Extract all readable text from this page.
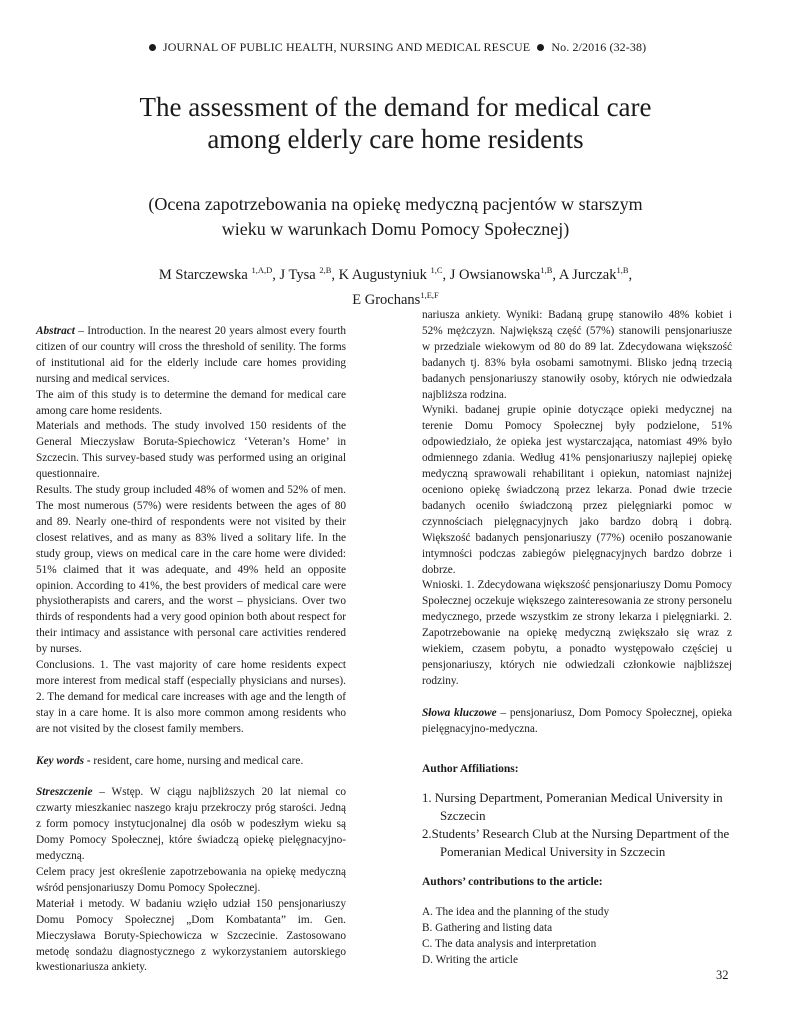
JOURNAL OF PUBLIC HEALTH, NURSING AND MEDICAL RESCUE No. 2/2016 (32-38)
The assessment of the demand for medical care
among elderly care home residents
(Ocena zapotrzebowania na opiekę medyczną pacjentów w starszym
wieku w warunkach Domu Pomocy Społecznej)
M Starczewska $^{1,A,D}$, J Tysa $^{2,B}$, K Augustyniuk $^{1,C}$, J Owsianowska$^{1,B}$, A Jurczak$^{1,B}$,
E Grochans$^{1,E,F}$

Abstract – Introduction. In the nearest 20 years almost every fourth citizen of our country will cross the threshold of senility. The forms of institutional aid for the elderly include care homes providing nursing and medical services.

The aim of this study is to determine the demand for medical care among care home residents.

Materials and methods. The study involved 150 residents of the General Mieczysław Boruta-Spiechowicz ‘Veteran’s Home’ in Szczecin. This survey-based study was performed using an original questionnaire.

Results. The study group included 48% of women and 52% of men. The most numerous (57%) were residents between the ages of 80 and 89. Nearly one-third of respondents were not visited by their closest relatives, and as many as 83% lived a solitary life. In the study group, views on medical care in the care home were divided: 51% claimed that it was adequate, and 49% held an opposite opinion. According to 41%, the best providers of medical care were physiotherapists and carers, and the worst – physicians. Over two thirds of respondents had a very good opinion both about respect for their intimacy and assistance with personal care activities rendered by nurses.

Conclusions. 1. The vast majority of care home residents expect more interest from medical staff (especially physicians and nurses). 2. The demand for medical care increases with age and the length of stay in a care home. It is also more common among residents who are not visited by the closest family members.

Key words - resident, care home, nursing and medical care.

Streszczenie – Wstęp. W ciągu najbliższych 20 lat niemal co czwarty mieszkaniec naszego kraju przekroczy próg starości. Jedną z form pomocy instytucjonalnej dla osób w podeszłym wieku są Domy Pomocy Społecznej, które świadczą opiekę pielęgnacyjno-medyczną.

Celem pracy jest określenie zapotrzebowania na opiekę medyczną wśród pensjonariuszy Domu Pomocy Społecznej.

Materiał i metody. W badaniu wzięło udział 150 pensjonariuszy Domu Pomocy Społecznej „Dom Kombatanta” im. Gen. Mieczysława Boruty-Spiechowicza w Szczecinie. Zastosowano metodę sondażu diagnostycznego z wykorzystaniem autorskiego kwestionariusza ankiety.

nariusza ankiety. Wyniki: Badaną grupę stanowiło 48% kobiet i 52% mężczyzn. Największą część (57%) stanowili pensjonariusze w przedziale wiekowym od 80 do 89 lat. Zdecydowana większość badanych tj. 83% była osobami samotnymi. Blisko jedną trzecią badanych pensjonariuszy stanowiły osoby, których nie odwiedzała najbliższa rodzina.

Wyniki. badanej grupie opinie dotyczące opieki medycznej na terenie Domu Pomocy Społecznej były podzielone, 51% odpowiedziało, że opieka jest wystarczająca, natomiast 49% było odmiennego zdania. Według 41% pensjonariuszy najlepiej opiekę medyczną sprawowali rehabilitant i opiekun, natomiast najniżej oceniono opiekę świadczoną przez lekarza. Ponad dwie trzecie badanych oceniło świadczoną przez pielęgniarki pomoc w czynnościach pielęgnacyjnych jako bardzo dobrą i dobrą. Większość badanych pensjonariuszy (77%) oceniło poszanowanie intymności podczas zabiegów pielęgnacyjnych bardzo dobrze i dobrze.

Wnioski. 1. Zdecydowana większość pensjonariuszy Domu Pomocy Społecznej oczekuje większego zainteresowania ze strony personelu medycznego, przede wszystkim ze strony lekarza i pielęgniarki. 2. Zapotrzebowanie na opiekę medyczną zwiększało się wraz z wiekiem, czasem pobytu, a ponadto występowało częściej u pensjonariuszy, których nie odwiedzali członkowie najbliższej rodziny.

Słowa kluczowe – pensjonariusz, Dom Pomocy Społecznej, opieka pielęgnacyjno-medyczna.

Author Affiliations:

1. Nursing Department, Pomeranian Medical University in Szczecin
2.Students’ Research Club at the Nursing Department of the Pomeranian Medical University in Szczecin

Authors’ contributions to the article:

A. The idea and the planning of the study
B. Gathering and listing data
C. The data analysis and interpretation
D. Writing the article
32
